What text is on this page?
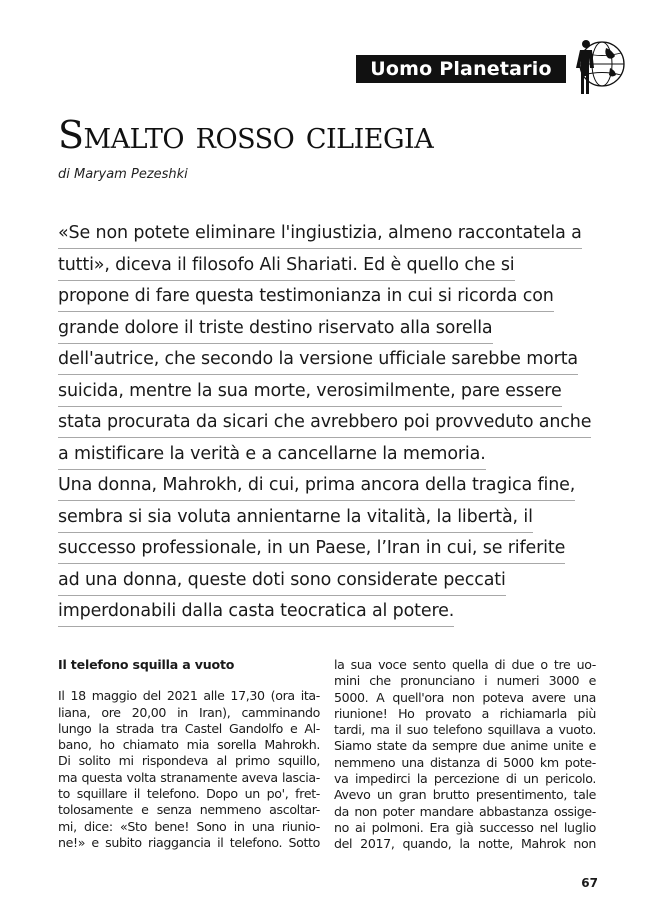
Uomo Planetario
Smalto rosso ciliegia
di Maryam Pezeshki
«Se non potete eliminare l'ingiustizia, almeno raccontatela a
tutti», diceva il filosofo Ali Shariati. Ed è quello che si
propone di fare questa testimonianza in cui si ricorda con
grande dolore il triste destino riservato alla sorella
dell'autrice, che secondo la versione ufficiale sarebbe morta
suicida, mentre la sua morte, verosimilmente, pare essere
stata procurata da sicari che avrebbero poi provveduto anche
a mistificare la verità e a cancellarne la memoria.
Una donna, Mahrokh, di cui, prima ancora della tragica fine,
sembra si sia voluta annientarne la vitalità, la libertà, il
successo professionale, in un Paese, l’Iran in cui, se riferite
ad una donna, queste doti sono considerate peccati
imperdonabili dalla casta teocratica al potere.
Il telefono squilla a vuoto
Il 18 maggio del 2021 alle 17,30 (ora ita-
liana, ore 20,00 in Iran), camminando
lungo la strada tra Castel Gandolfo e Al-
bano, ho chiamato mia sorella Mahrokh.
Di solito mi rispondeva al primo squillo,
ma questa volta stranamente aveva lascia-
to squillare il telefono. Dopo un po', fret-
tolosamente e senza nemmeno ascoltar-
mi, dice: «Sto bene! Sono in una riunio-
ne!» e subito riaggancia il telefono. Sotto
la sua voce sento quella di due o tre uo-
mini che pronunciano i numeri 3000 e
5000. A quell'ora non poteva avere una
riunione! Ho provato a richiamarla più
tardi, ma il suo telefono squillava a vuoto.
Siamo state da sempre due anime unite e
nemmeno una distanza di 5000 km pote-
va impedirci la percezione di un pericolo.
Avevo un gran brutto presentimento, tale
da non poter mandare abbastanza ossige-
no ai polmoni. Era già successo nel luglio
del 2017, quando, la notte, Mahrok non
67
